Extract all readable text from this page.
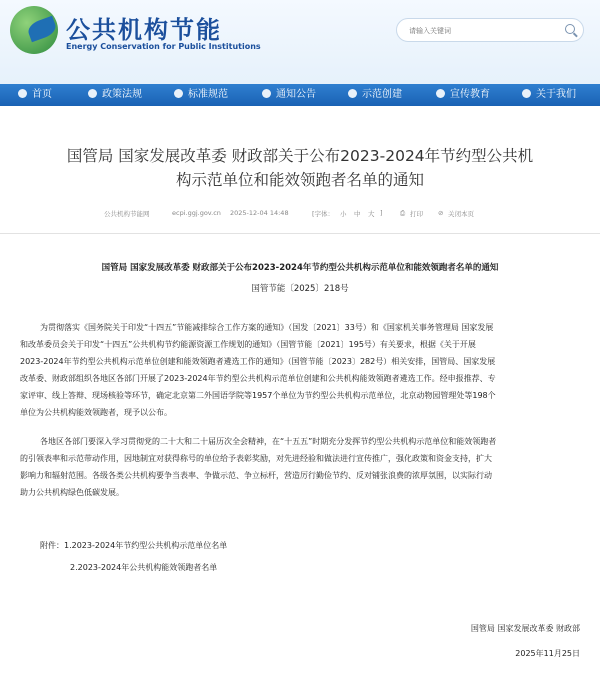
公共机构节能
Energy Conservation for Public Institutions
请输入关键词
首页	政策法规	标准规范	通知公告	示范创建	宣传教育	关于我们
国管局 国家发展改革委 财政部关于公布2023-2024年节约型公共机
构示范单位和能效领跑者名单的通知
公共机构节能网	ecpi.ggj.gov.cn 2025-12-04 14:48	[字体： 小 中 大 ]	⎙ 打印 ⊘ 关闭本页
国管局 国家发展改革委 财政部关于公布2023-2024年节约型公共机构示范单位和能效领跑者名单的通知
国管节能〔2025〕218号
为贯彻落实《国务院关于印发“十四五”节能减排综合工作方案的通知》（国发〔2021〕33号）和《国家机关事务管理局 国家发展
和改革委员会关于印发“十四五”公共机构节约能源资源工作规划的通知》（国管节能〔2021〕195号）有关要求，根据《关于开展
2023-2024年节约型公共机构示范单位创建和能效领跑者遴选工作的通知》（国管节能〔2023〕282号）相关安排，国管局、国家发展
改革委、财政部组织各地区各部门开展了2023-2024年节约型公共机构示范单位创建和公共机构能效领跑者遴选工作。经申报推荐、专
家评审、线上答辩、现场核验等环节，确定北京第二外国语学院等1957个单位为节约型公共机构示范单位，北京动物园管理处等198个
单位为公共机构能效领跑者，现予以公布。
各地区各部门要深入学习贯彻党的二十大和二十届历次全会精神，在“十五五”时期充分发挥节约型公共机构示范单位和能效领跑者
的引领表率和示范带动作用，因地制宜对获得称号的单位给予表彰奖励，对先进经验和做法进行宣传推广，强化政策和资金支持，扩大
影响力和辐射范围。各级各类公共机构要争当表率、争做示范、争立标杆，营造厉行勤俭节约、反对铺张浪费的浓厚氛围，以实际行动
助力公共机构绿色低碳发展。
附件：1.2023-2024年节约型公共机构示范单位名单
2.2023-2024年公共机构能效领跑者名单
国管局 国家发展改革委 财政部
2025年11月25日
